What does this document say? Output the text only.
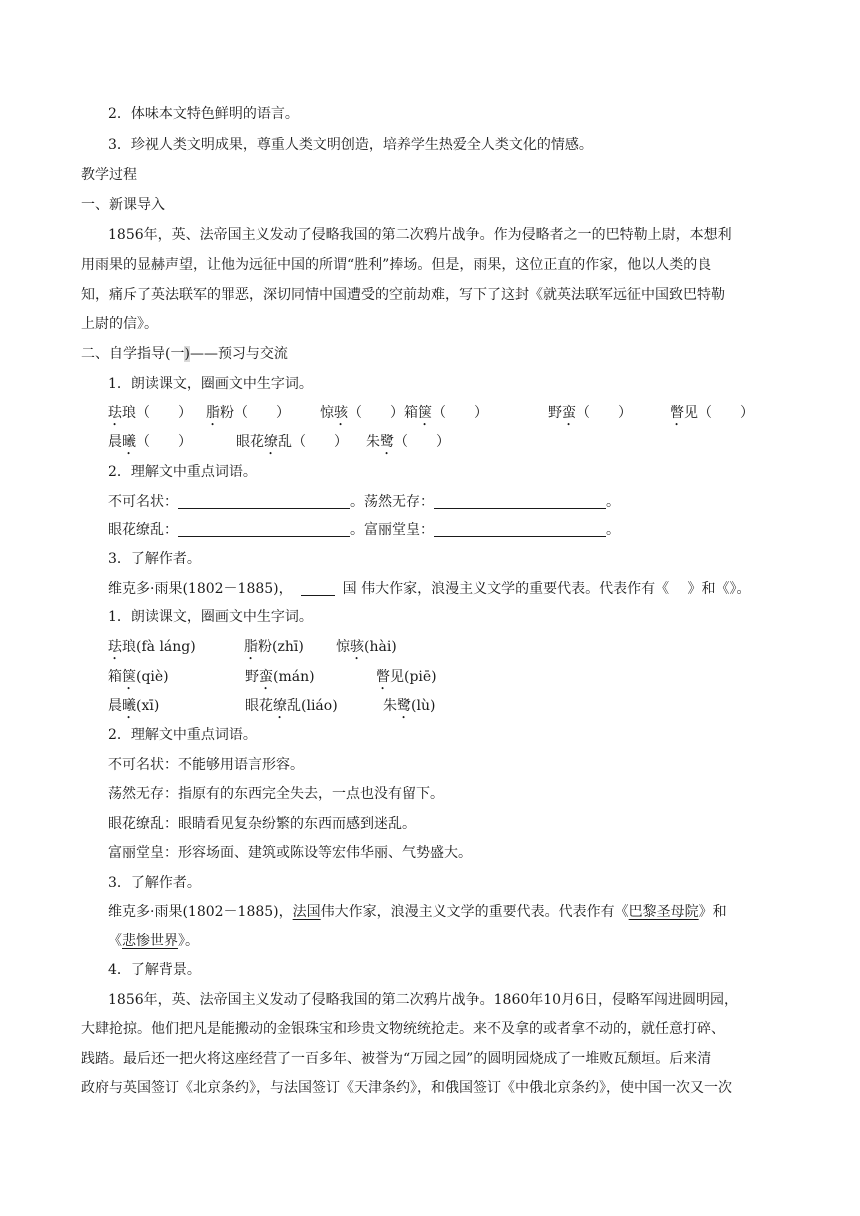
2．体味本文特色鲜明的语言。
3．珍视人类文明成果，尊重人类文明创造，培养学生热爱全人类文化的情感。
教学过程
一、新课导入
1856年，英、法帝国主义发动了侵略我国的第二次鸦片战争。作为侵略者之一的巴特勒上尉，本想利
用雨果的显赫声望，让他为远征中国的所谓“胜利”捧场。但是，雨果，这位正直的作家，他以人类的良
知，痛斥了英法联军的罪恶，深切同情中国遭受的空前劫难，写下了这封《就英法联军远征中国致巴特勒
上尉的信》。
二、自学指导(一)——预习与交流
1．朗读课文，圈画文中生字词。
珐琅（　　） 脂粉（　　） 惊骇（　　） 箱箧（　　）	野蛮（　　）	瞥见（　　）
晨曦（　　）	眼花缭乱（　　） 朱鹭（　　）
2．理解文中重点词语。
不可名状：	。荡然无存：	。
眼花缭乱：	。富丽堂皇：	。
3．了解作者。
维克多·雨果(1802－1885)，	国 伟大作家，浪漫主义文学的重要代表。代表作有《　 》和《》。
1．朗读课文，圈画文中生字词。
珐琅(fà láng)	脂粉(zhī) 惊骇(hài)
箱箧(qiè)	野蛮(mán)	瞥见(piē)
晨曦(xī)	眼花缭乱(liáo)	朱鹭(lù)
2．理解文中重点词语。
不可名状：不能够用语言形容。
荡然无存：指原有的东西完全失去，一点也没有留下。
眼花缭乱：眼睛看见复杂纷繁的东西而感到迷乱。
富丽堂皇：形容场面、建筑或陈设等宏伟华丽、气势盛大。
3．了解作者。
维克多·雨果(1802－1885)，法国伟大作家，浪漫主义文学的重要代表。代表作有《巴黎圣母院》和
《悲惨世界》。
4．了解背景。
1856年，英、法帝国主义发动了侵略我国的第二次鸦片战争。1860年10月6日，侵略军闯进圆明园，
大肆抢掠。他们把凡是能搬动的金银珠宝和珍贵文物统统抢走。来不及拿的或者拿不动的，就任意打碎、
践踏。最后还一把火将这座经营了一百多年、被誉为“万园之园”的圆明园烧成了一堆败瓦颓垣。后来清
政府与英国签订《北京条约》，与法国签订《天津条约》，和俄国签订《中俄北京条约》，使中国一次又一次
